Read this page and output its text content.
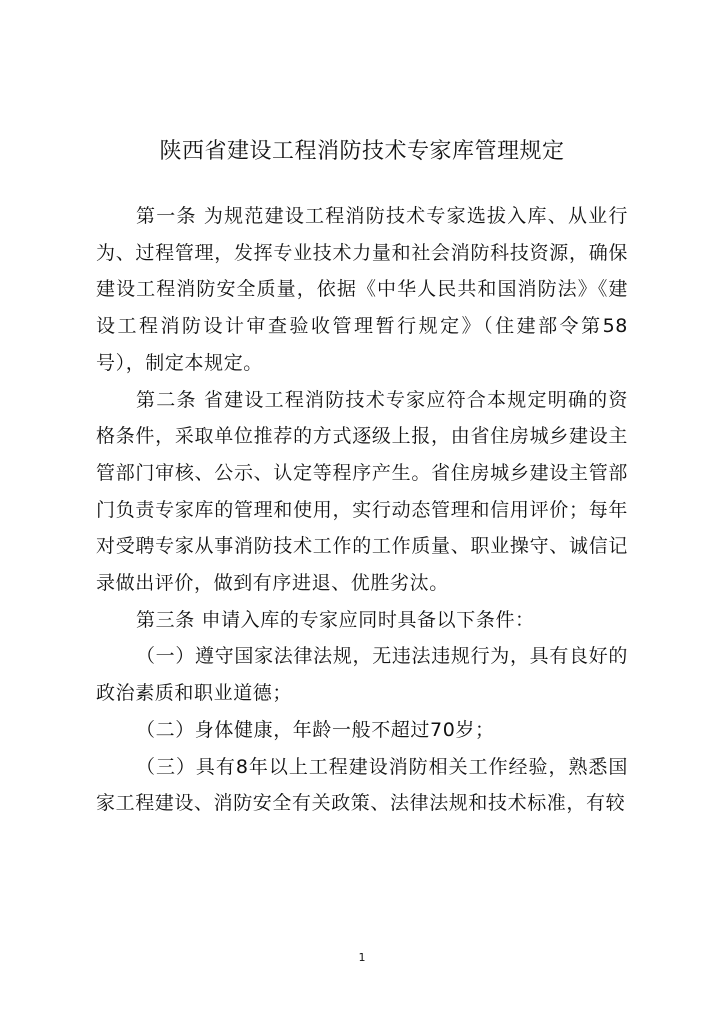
陕西省建设工程消防技术专家库管理规定

第一条 为规范建设工程消防技术专家选拔入库、从业行为、过程管理，发挥专业技术力量和社会消防科技资源，确保建设工程消防安全质量，依据《中华人民共和国消防法》《建设工程消防设计审查验收管理暂行规定》（住建部令第58号），制定本规定。

第二条 省建设工程消防技术专家应符合本规定明确的资格条件，采取单位推荐的方式逐级上报，由省住房城乡建设主管部门审核、公示、认定等程序产生。省住房城乡建设主管部门负责专家库的管理和使用，实行动态管理和信用评价；每年对受聘专家从事消防技术工作的工作质量、职业操守、诚信记录做出评价，做到有序进退、优胜劣汰。

第三条 申请入库的专家应同时具备以下条件：

（一）遵守国家法律法规，无违法违规行为，具有良好的政治素质和职业道德；

（二）身体健康，年龄一般不超过70岁；

（三）具有8年以上工程建设消防相关工作经验，熟悉国家工程建设、消防安全有关政策、法律法规和技术标准，有较

1
